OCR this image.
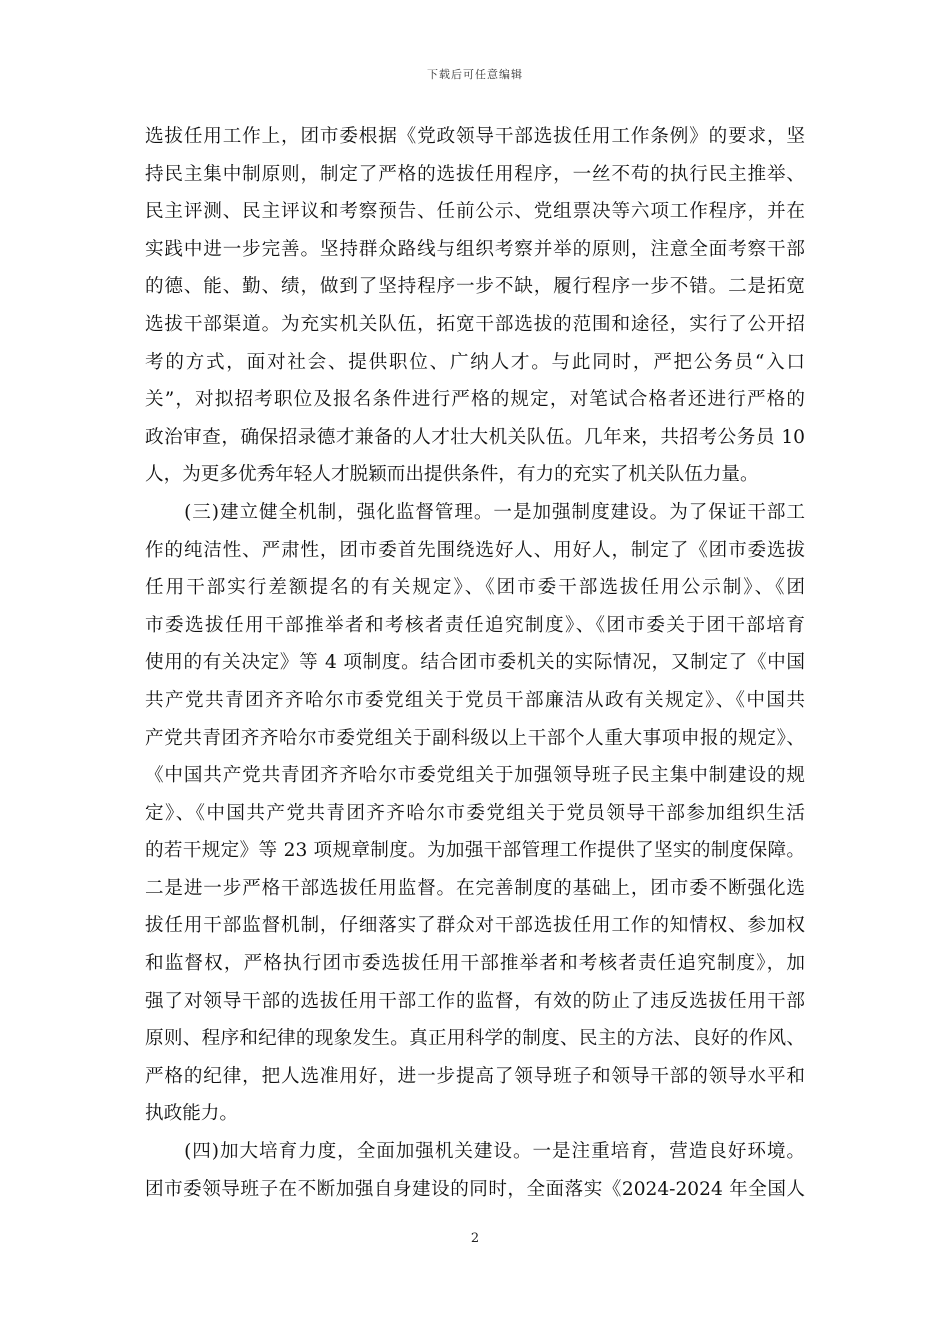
下载后可任意编辑
选拔任用工作上，团市委根据《党政领导干部选拔任用工作条例》的要求，坚
持民主集中制原则，制定了严格的选拔任用程序，一丝不苟的执行民主推举、
民主评测、民主评议和考察预告、任前公示、党组票决等六项工作程序，并在
实践中进一步完善。坚持群众路线与组织考察并举的原则，注意全面考察干部
的德、能、勤、绩，做到了坚持程序一步不缺，履行程序一步不错。二是拓宽
选拔干部渠道。为充实机关队伍，拓宽干部选拔的范围和途径，实行了公开招
考的方式，面对社会、提供职位、广纳人才。与此同时，严把公务员“入口
关”，对拟招考职位及报名条件进行严格的规定，对笔试合格者还进行严格的
政治审查，确保招录德才兼备的人才壮大机关队伍。几年来，共招考公务员 10
人，为更多优秀年轻人才脱颖而出提供条件，有力的充实了机关队伍力量。
　　(三)建立健全机制，强化监督管理。一是加强制度建设。为了保证干部工
作的纯洁性、严肃性，团市委首先围绕选好人、用好人，制定了《团市委选拔
任用干部实行差额提名的有关规定》、《团市委干部选拔任用公示制》、《团
市委选拔任用干部推举者和考核者责任追究制度》、《团市委关于团干部培育
使用的有关决定》等 4 项制度。结合团市委机关的实际情况，又制定了《中国
共产党共青团齐齐哈尔市委党组关于党员干部廉洁从政有关规定》、《中国共
产党共青团齐齐哈尔市委党组关于副科级以上干部个人重大事项申报的规定》、
《中国共产党共青团齐齐哈尔市委党组关于加强领导班子民主集中制建设的规
定》、《中国共产党共青团齐齐哈尔市委党组关于党员领导干部参加组织生活
的若干规定》等 23 项规章制度。为加强干部管理工作提供了坚实的制度保障。
二是进一步严格干部选拔任用监督。在完善制度的基础上，团市委不断强化选
拔任用干部监督机制，仔细落实了群众对干部选拔任用工作的知情权、参加权
和监督权，严格执行团市委选拔任用干部推举者和考核者责任追究制度》，加
强了对领导干部的选拔任用干部工作的监督，有效的防止了违反选拔任用干部
原则、程序和纪律的现象发生。真正用科学的制度、民主的方法、良好的作风、
严格的纪律，把人选准用好，进一步提高了领导班子和领导干部的领导水平和
执政能力。
　　(四)加大培育力度，全面加强机关建设。一是注重培育，营造良好环境。
团市委领导班子在不断加强自身建设的同时，全面落实《2024-2024 年全国人
2
